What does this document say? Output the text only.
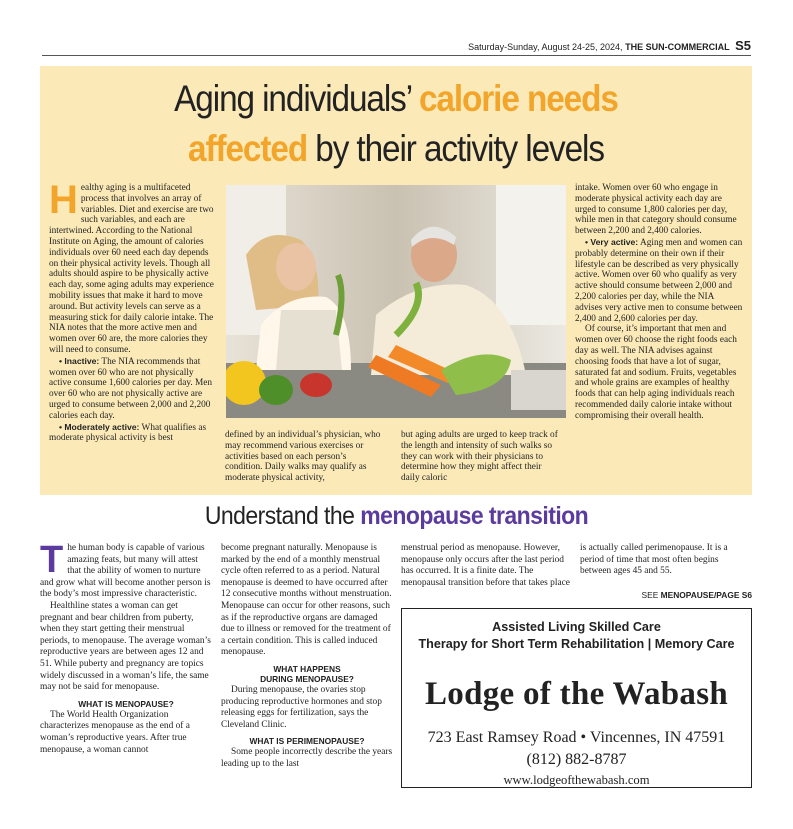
Saturday-Sunday, August 24-25, 2024, THE SUN-COMMERCIAL S5
Aging individuals’ calorie needs
affected by their activity levels

Healthy aging is a multifaceted process that involves an array of variables. Diet and exercise are two such variables, and each are intertwined. According to the National Institute on Aging, the amount of calories individuals over 60 need each day depends on their physical activity levels. Though all adults should aspire to be physically active each day, some aging adults may experience mobility issues that make it hard to move around. But activity levels can serve as a measuring stick for daily calorie intake. The NIA notes that the more active men and women over 60 are, the more calories they will need to consume.

• Inactive: The NIA recommends that women over 60 who are not physically active consume 1,600 calories per day. Men over 60 who are not physically active are urged to consume between 2,000 and 2,200 calories each day.

• Moderately active: What qualifies as moderate physical activity is best	defined by an individual’s physician, who may recommend various exercises or activities based on each person’s condition. Daily walks may qualify as moderate physical activity,

but aging adults are urged to keep track of the length and intensity of such walks so they can work with their physicians to determine how they might affect their daily caloric

intake. Women over 60 who engage in moderate physical activity each day are urged to consume 1,800 calories per day, while men in that category should consume between 2,200 and 2,400 calories.

• Very active: Aging men and women can probably determine on their own if their lifestyle can be described as very physically active. Women over 60 who qualify as very active should consume between 2,000 and 2,200 calories per day, while the NIA advises very active men to consume between 2,400 and 2,600 calories per day.

Of course, it’s important that men and women over 60 choose the right foods each day as well. The NIA advises against choosing foods that have a lot of sugar, saturated fat and sodium. Fruits, vegetables and whole grains are examples of healthy foods that can help aging individuals reach recommended daily calorie intake without compromising their overall health.

Understand the menopause transition

The human body is capable of various amazing feats, but many will attest that the ability of women to nurture and grow what will become another person is the body’s most impressive characteristic.

Healthline states a woman can get pregnant and bear children from puberty, when they start getting their menstrual periods, to menopause. The average woman’s reproductive years are between ages 12 and 51. While puberty and pregnancy are topics widely discussed in a woman’s life, the same may not be said for menopause.

WHAT IS MENOPAUSE?

The World Health Organization characterizes menopause as the end of a woman’s reproductive years. After true menopause, a woman cannot

become pregnant naturally. Menopause is marked by the end of a monthly menstrual cycle often referred to as a period. Natural menopause is deemed to have occurred after 12 consecutive months without menstruation. Menopause can occur for other reasons, such as if the reproductive organs are damaged due to illness or removed for the treatment of a certain condition. This is called induced menopause.

WHAT HAPPENS
DURING MENOPAUSE?

During menopause, the ovaries stop producing reproductive hormones and stop releasing eggs for fertilization, says the Cleveland Clinic.

WHAT IS PERIMENOPAUSE?

Some people incorrectly describe the years leading up to the last

menstrual period as menopause. However, menopause only occurs after the last period has occurred. It is a finite date. The menopausal transition before that takes place

is actually called perimenopause. It is a period of time that most often begins between ages 45 and 55.

SEE MENOPAUSE/PAGE S6
Assisted Living Skilled Care
Therapy for Short Term Rehabilitation | Memory Care
Lodge of the Wabash
723 East Ramsey Road • Vincennes, IN 47591
(812) 882-8787
www.lodgeofthewabash.com
